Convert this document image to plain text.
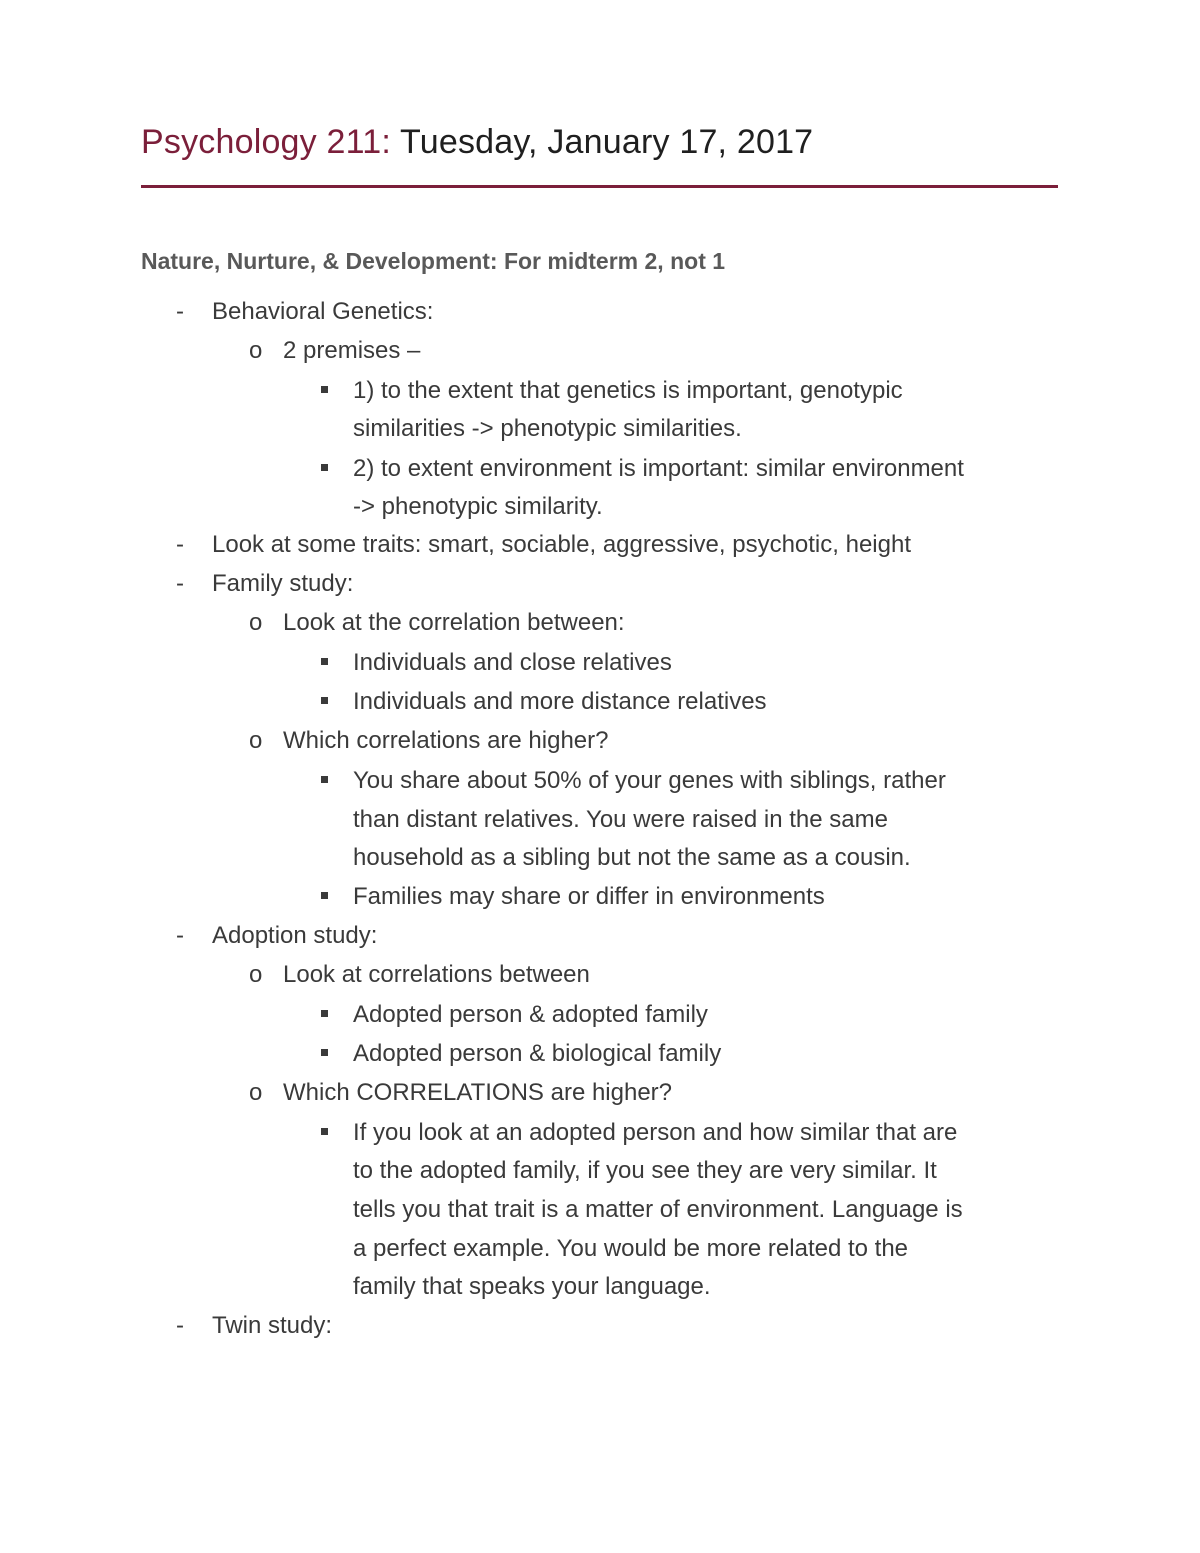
Psychology 211: Tuesday, January 17, 2017
Nature, Nurture, & Development: For midterm 2, not 1
- Behavioral Genetics:
o 2 premises –
1) to the extent that genetics is important, genotypic
similarities -> phenotypic similarities.
2) to extent environment is important: similar environment
-> phenotypic similarity.
- Look at some traits: smart, sociable, aggressive, psychotic, height
- Family study:
o Look at the correlation between:
Individuals and close relatives
Individuals and more distance relatives
o Which correlations are higher?
You share about 50% of your genes with siblings, rather
than distant relatives. You were raised in the same
household as a sibling but not the same as a cousin.
Families may share or differ in environments
- Adoption study:
o Look at correlations between
Adopted person & adopted family
Adopted person & biological family
o Which CORRELATIONS are higher?
If you look at an adopted person and how similar that are
to the adopted family, if you see they are very similar. It
tells you that trait is a matter of environment. Language is
a perfect example. You would be more related to the
family that speaks your language.
- Twin study:
